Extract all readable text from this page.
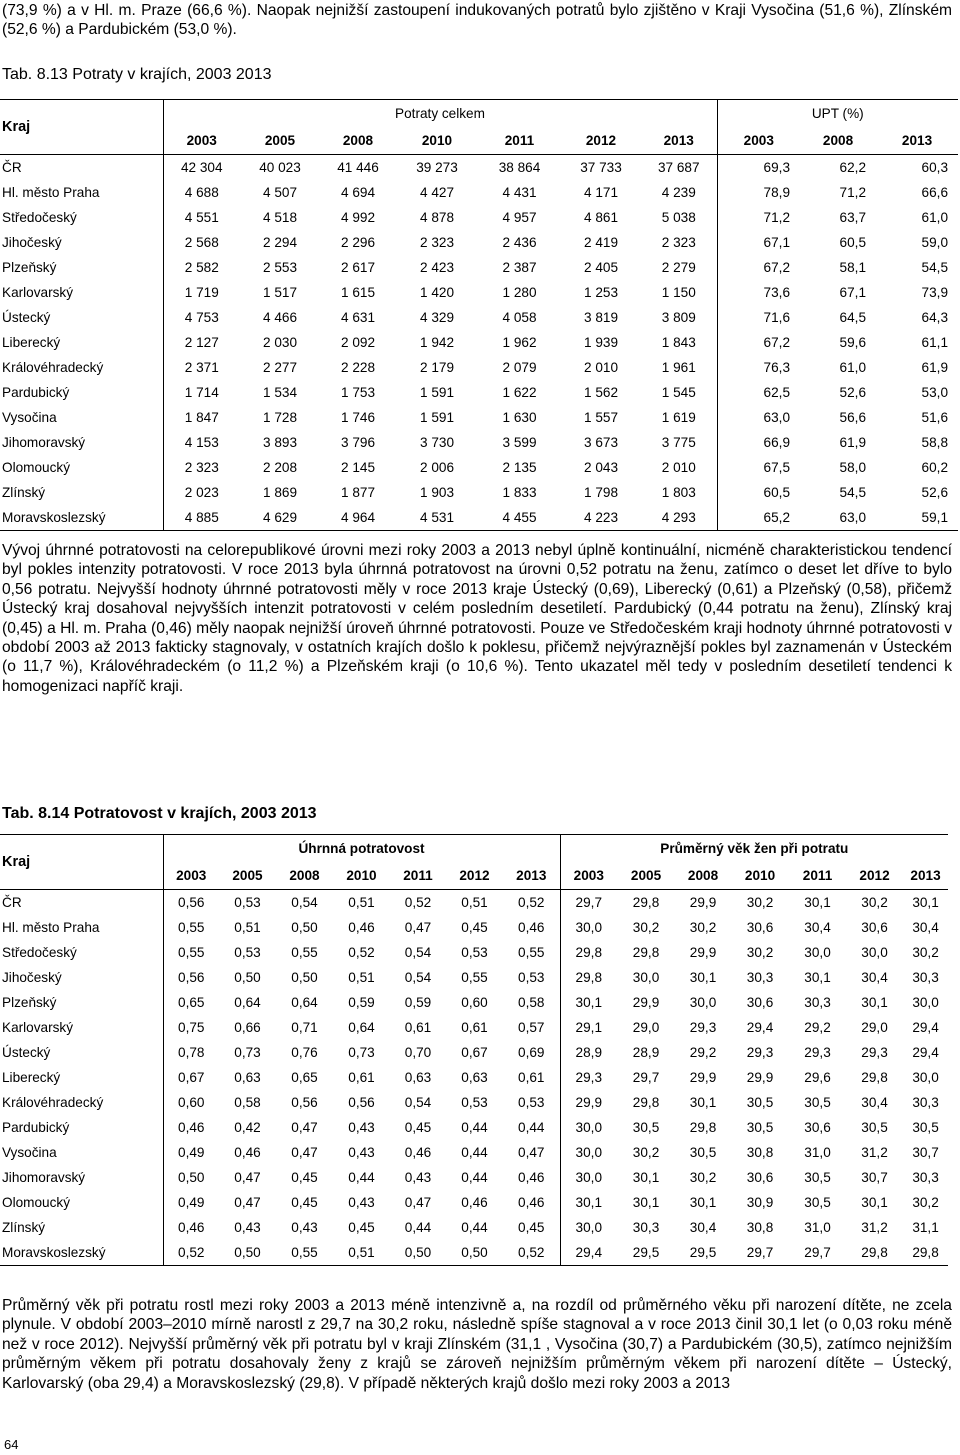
(73,9 %) a v Hl. m. Praze (66,6 %). Naopak nejnižší zastoupení indukovaných potratů bylo zjištěno v Kraji Vysočina (51,6 %), Zlínském (52,6 %) a Pardubickém (53,0 %).

Tab. 8.13 Potraty v krajích, 2003 2013

Kraj	Potraty celkem							UPT (%)		
	2003	2005	2008	2010	2011	2012	2013	2003	2008	2013
ČR	42 304	40 023	41 446	39 273	38 864	37 733	37 687	69,3	62,2	60,3
Hl. město Praha	4 688	4 507	4 694	4 427	4 431	4 171	4 239	78,9	71,2	66,6
Středočeský	4 551	4 518	4 992	4 878	4 957	4 861	5 038	71,2	63,7	61,0
Jihočeský	2 568	2 294	2 296	2 323	2 436	2 419	2 323	67,1	60,5	59,0
Plzeňský	2 582	2 553	2 617	2 423	2 387	2 405	2 279	67,2	58,1	54,5
Karlovarský	1 719	1 517	1 615	1 420	1 280	1 253	1 150	73,6	67,1	73,9
Ústecký	4 753	4 466	4 631	4 329	4 058	3 819	3 809	71,6	64,5	64,3
Liberecký	2 127	2 030	2 092	1 942	1 962	1 939	1 843	67,2	59,6	61,1
Královéhradecký	2 371	2 277	2 228	2 179	2 079	2 010	1 961	76,3	61,0	61,9
Pardubický	1 714	1 534	1 753	1 591	1 622	1 562	1 545	62,5	52,6	53,0
Vysočina	1 847	1 728	1 746	1 591	1 630	1 557	1 619	63,0	56,6	51,6
Jihomoravský	4 153	3 893	3 796	3 730	3 599	3 673	3 775	66,9	61,9	58,8
Olomoucký	2 323	2 208	2 145	2 006	2 135	2 043	2 010	67,5	58,0	60,2
Zlínský	2 023	1 869	1 877	1 903	1 833	1 798	1 803	60,5	54,5	52,6
Moravskoslezský	4 885	4 629	4 964	4 531	4 455	4 223	4 293	65,2	63,0	59,1

Vývoj úhrnné potratovosti na celorepublikové úrovni mezi roky 2003 a 2013 nebyl úplně kontinuální, nicméně charakteristickou tendencí byl pokles intenzity potratovosti. V roce 2013 byla úhrnná potratovost na úrovni 0,52 potratu na ženu, zatímco o deset let dříve to bylo 0,56 potratu. Nejvyšší hodnoty úhrnné potratovosti měly v roce 2013 kraje Ústecký (0,69), Liberecký (0,61) a Plzeňský (0,58), přičemž Ústecký kraj dosahoval nejvyšších intenzit potratovosti v celém posledním desetiletí. Pardubický (0,44 potratu na ženu), Zlínský kraj (0,45) a Hl. m. Praha (0,46) měly naopak nejnižší úroveň úhrnné potratovosti. Pouze ve Středočeském kraji hodnoty úhrnné potratovosti v období 2003 až 2013 fakticky stagnovaly, v ostatních krajích došlo k poklesu, přičemž nejvýraznější pokles byl zaznamenán v Ústeckém (o 11,7 %), Královéhradeckém (o 11,2 %) a Plzeňském kraji (o 10,6 %). Tento ukazatel měl tedy v posledním desetiletí tendenci k homogenizaci napříč kraji.

Tab. 8.14 Potratovost v krajích, 2003 2013

Kraj	Úhrnná potratovost							Průměrný věk žen při potratu						
	2003	2005	2008	2010	2011	2012	2013	2003	2005	2008	2010	2011	2012	2013
ČR	0,56	0,53	0,54	0,51	0,52	0,51	0,52	29,7	29,8	29,9	30,2	30,1	30,2	30,1
Hl. město Praha	0,55	0,51	0,50	0,46	0,47	0,45	0,46	30,0	30,2	30,2	30,6	30,4	30,6	30,4
Středočeský	0,55	0,53	0,55	0,52	0,54	0,53	0,55	29,8	29,8	29,9	30,2	30,0	30,0	30,2
Jihočeský	0,56	0,50	0,50	0,51	0,54	0,55	0,53	29,8	30,0	30,1	30,3	30,1	30,4	30,3
Plzeňský	0,65	0,64	0,64	0,59	0,59	0,60	0,58	30,1	29,9	30,0	30,6	30,3	30,1	30,0
Karlovarský	0,75	0,66	0,71	0,64	0,61	0,61	0,57	29,1	29,0	29,3	29,4	29,2	29,0	29,4
Ústecký	0,78	0,73	0,76	0,73	0,70	0,67	0,69	28,9	28,9	29,2	29,3	29,3	29,3	29,4
Liberecký	0,67	0,63	0,65	0,61	0,63	0,63	0,61	29,3	29,7	29,9	29,9	29,6	29,8	30,0
Královéhradecký	0,60	0,58	0,56	0,56	0,54	0,53	0,53	29,9	29,8	30,1	30,5	30,5	30,4	30,3
Pardubický	0,46	0,42	0,47	0,43	0,45	0,44	0,44	30,0	30,5	29,8	30,5	30,6	30,5	30,5
Vysočina	0,49	0,46	0,47	0,43	0,46	0,44	0,47	30,0	30,2	30,5	30,8	31,0	31,2	30,7
Jihomoravský	0,50	0,47	0,45	0,44	0,43	0,44	0,46	30,0	30,1	30,2	30,6	30,5	30,7	30,3
Olomoucký	0,49	0,47	0,45	0,43	0,47	0,46	0,46	30,1	30,1	30,1	30,9	30,5	30,1	30,2
Zlínský	0,46	0,43	0,43	0,45	0,44	0,44	0,45	30,0	30,3	30,4	30,8	31,0	31,2	31,1
Moravskoslezský	0,52	0,50	0,55	0,51	0,50	0,50	0,52	29,4	29,5	29,5	29,7	29,7	29,8	29,8

Průměrný věk při potratu rostl mezi roky 2003 a 2013 méně intenzivně a, na rozdíl od průměrného věku při narození dítěte, ne zcela plynule. V období 2003–2010 mírně narostl z 29,7 na 30,2 roku, následně spíše stagnoval a v roce 2013 činil 30,1 let (o 0,03 roku méně než v roce 2012). Nejvyšší průměrný věk při potratu byl v kraji Zlínském (31,1 , Vysočina (30,7) a Pardubickém (30,5), zatímco nejnižším průměrným věkem při potratu dosahovaly ženy z krajů se zároveň nejnižším průměrným věkem při narození dítěte – Ústecký, Karlovarský (oba 29,4) a Moravskoslezský (29,8). V případě některých krajů došlo mezi roky 2003 a 2013

64
